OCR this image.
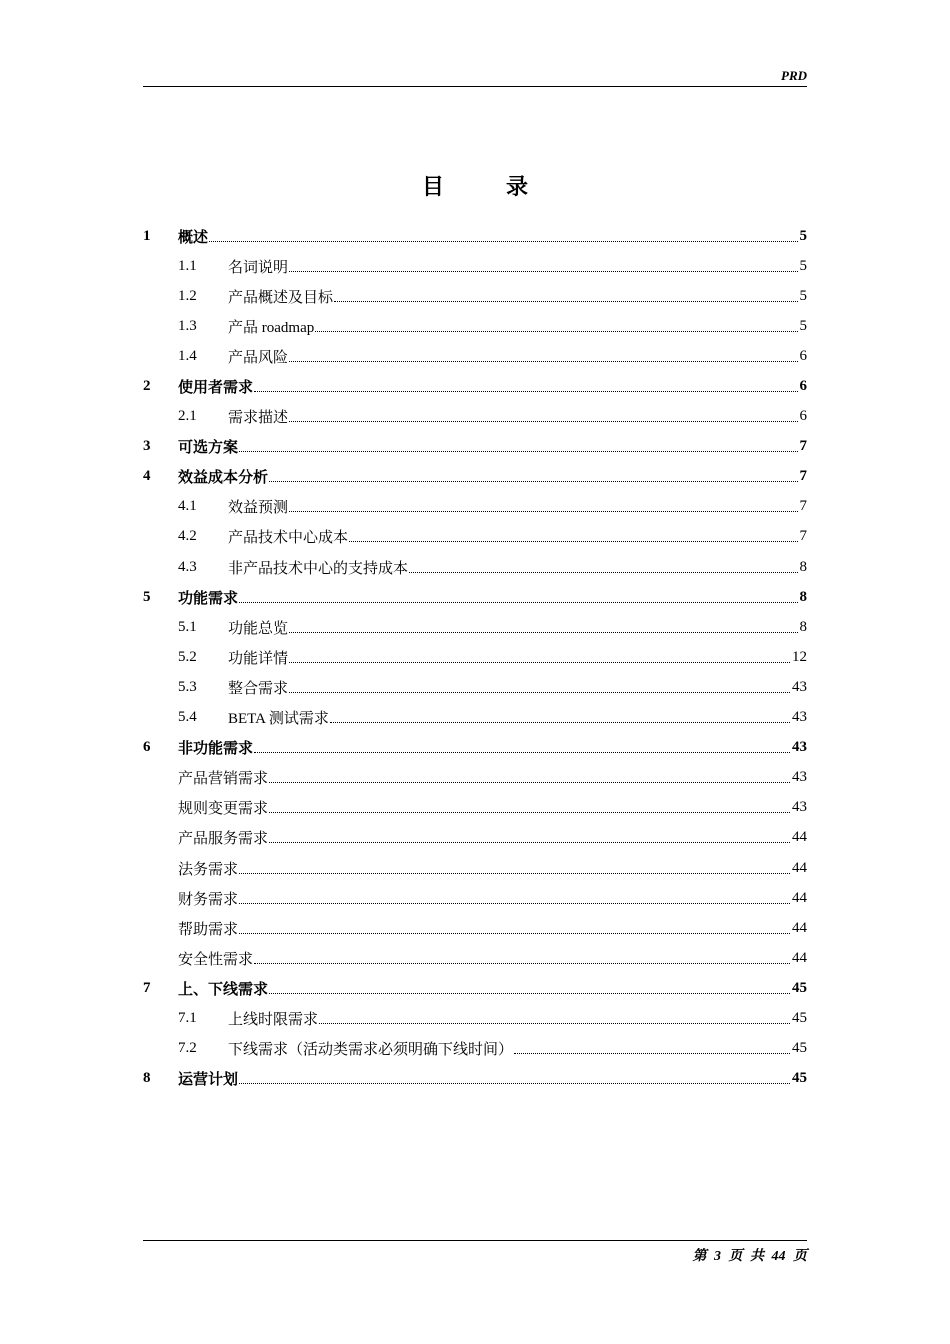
PRD
目录
1	概述	5
1.1	名词说明	5
1.2	产品概述及目标	5
1.3	产品 roadmap	5
1.4	产品风险	6
2	使用者需求	6
2.1	需求描述	6
3	可选方案	7
4	效益成本分析	7
4.1	效益预测	7
4.2	产品技术中心成本	7
4.3	非产品技术中心的支持成本	8
5	功能需求	8
5.1	功能总览	8
5.2	功能详情	12
5.3	整合需求	43
5.4	BETA 测试需求	43
6	非功能需求	43
产品营销需求	43
规则变更需求	43
产品服务需求	44
法务需求	44
财务需求	44
帮助需求	44
安全性需求	44
7	上、下线需求	45
7.1	上线时限需求	45
7.2	下线需求（活动类需求必须明确下线时间）	45
8	运营计划	45
第 3 页 共 44 页
